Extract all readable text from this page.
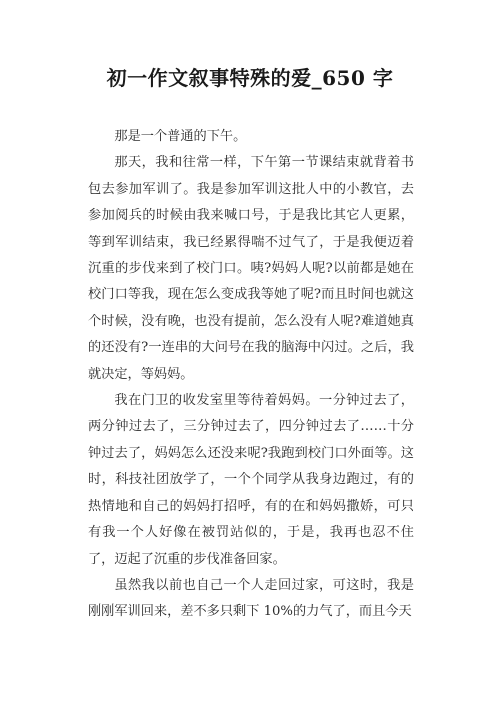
初一作文叙事特殊的爱_650 字

那是一个普通的下午。

那天，我和往常一样，下午第一节课结束就背着书包去参加军训了。我是参加军训这批人中的小教官，去参加阅兵的时候由我来喊口号，于是我比其它人更累，等到军训结束，我已经累得喘不过气了，于是我便迈着沉重的步伐来到了校门口。咦?妈妈人呢?以前都是她在校门口等我，现在怎么变成我等她了呢?而且时间也就这个时候，没有晚，也没有提前，怎么没有人呢?难道她真的还没有?一连串的大问号在我的脑海中闪过。之后，我就决定，等妈妈。

我在门卫的收发室里等待着妈妈。一分钟过去了，两分钟过去了，三分钟过去了，四分钟过去了……十分钟过去了，妈妈怎么还没来呢?我跑到校门口外面等。这时，科技社团放学了，一个个同学从我身边跑过，有的热情地和自己的妈妈打招呼，有的在和妈妈撒娇，可只有我一个人好像在被罚站似的，于是，我再也忍不住了，迈起了沉重的步伐准备回家。

虽然我以前也自己一个人走回过家，可这时，我是刚刚军训回来，差不多只剩下 10%的力气了，而且今天
